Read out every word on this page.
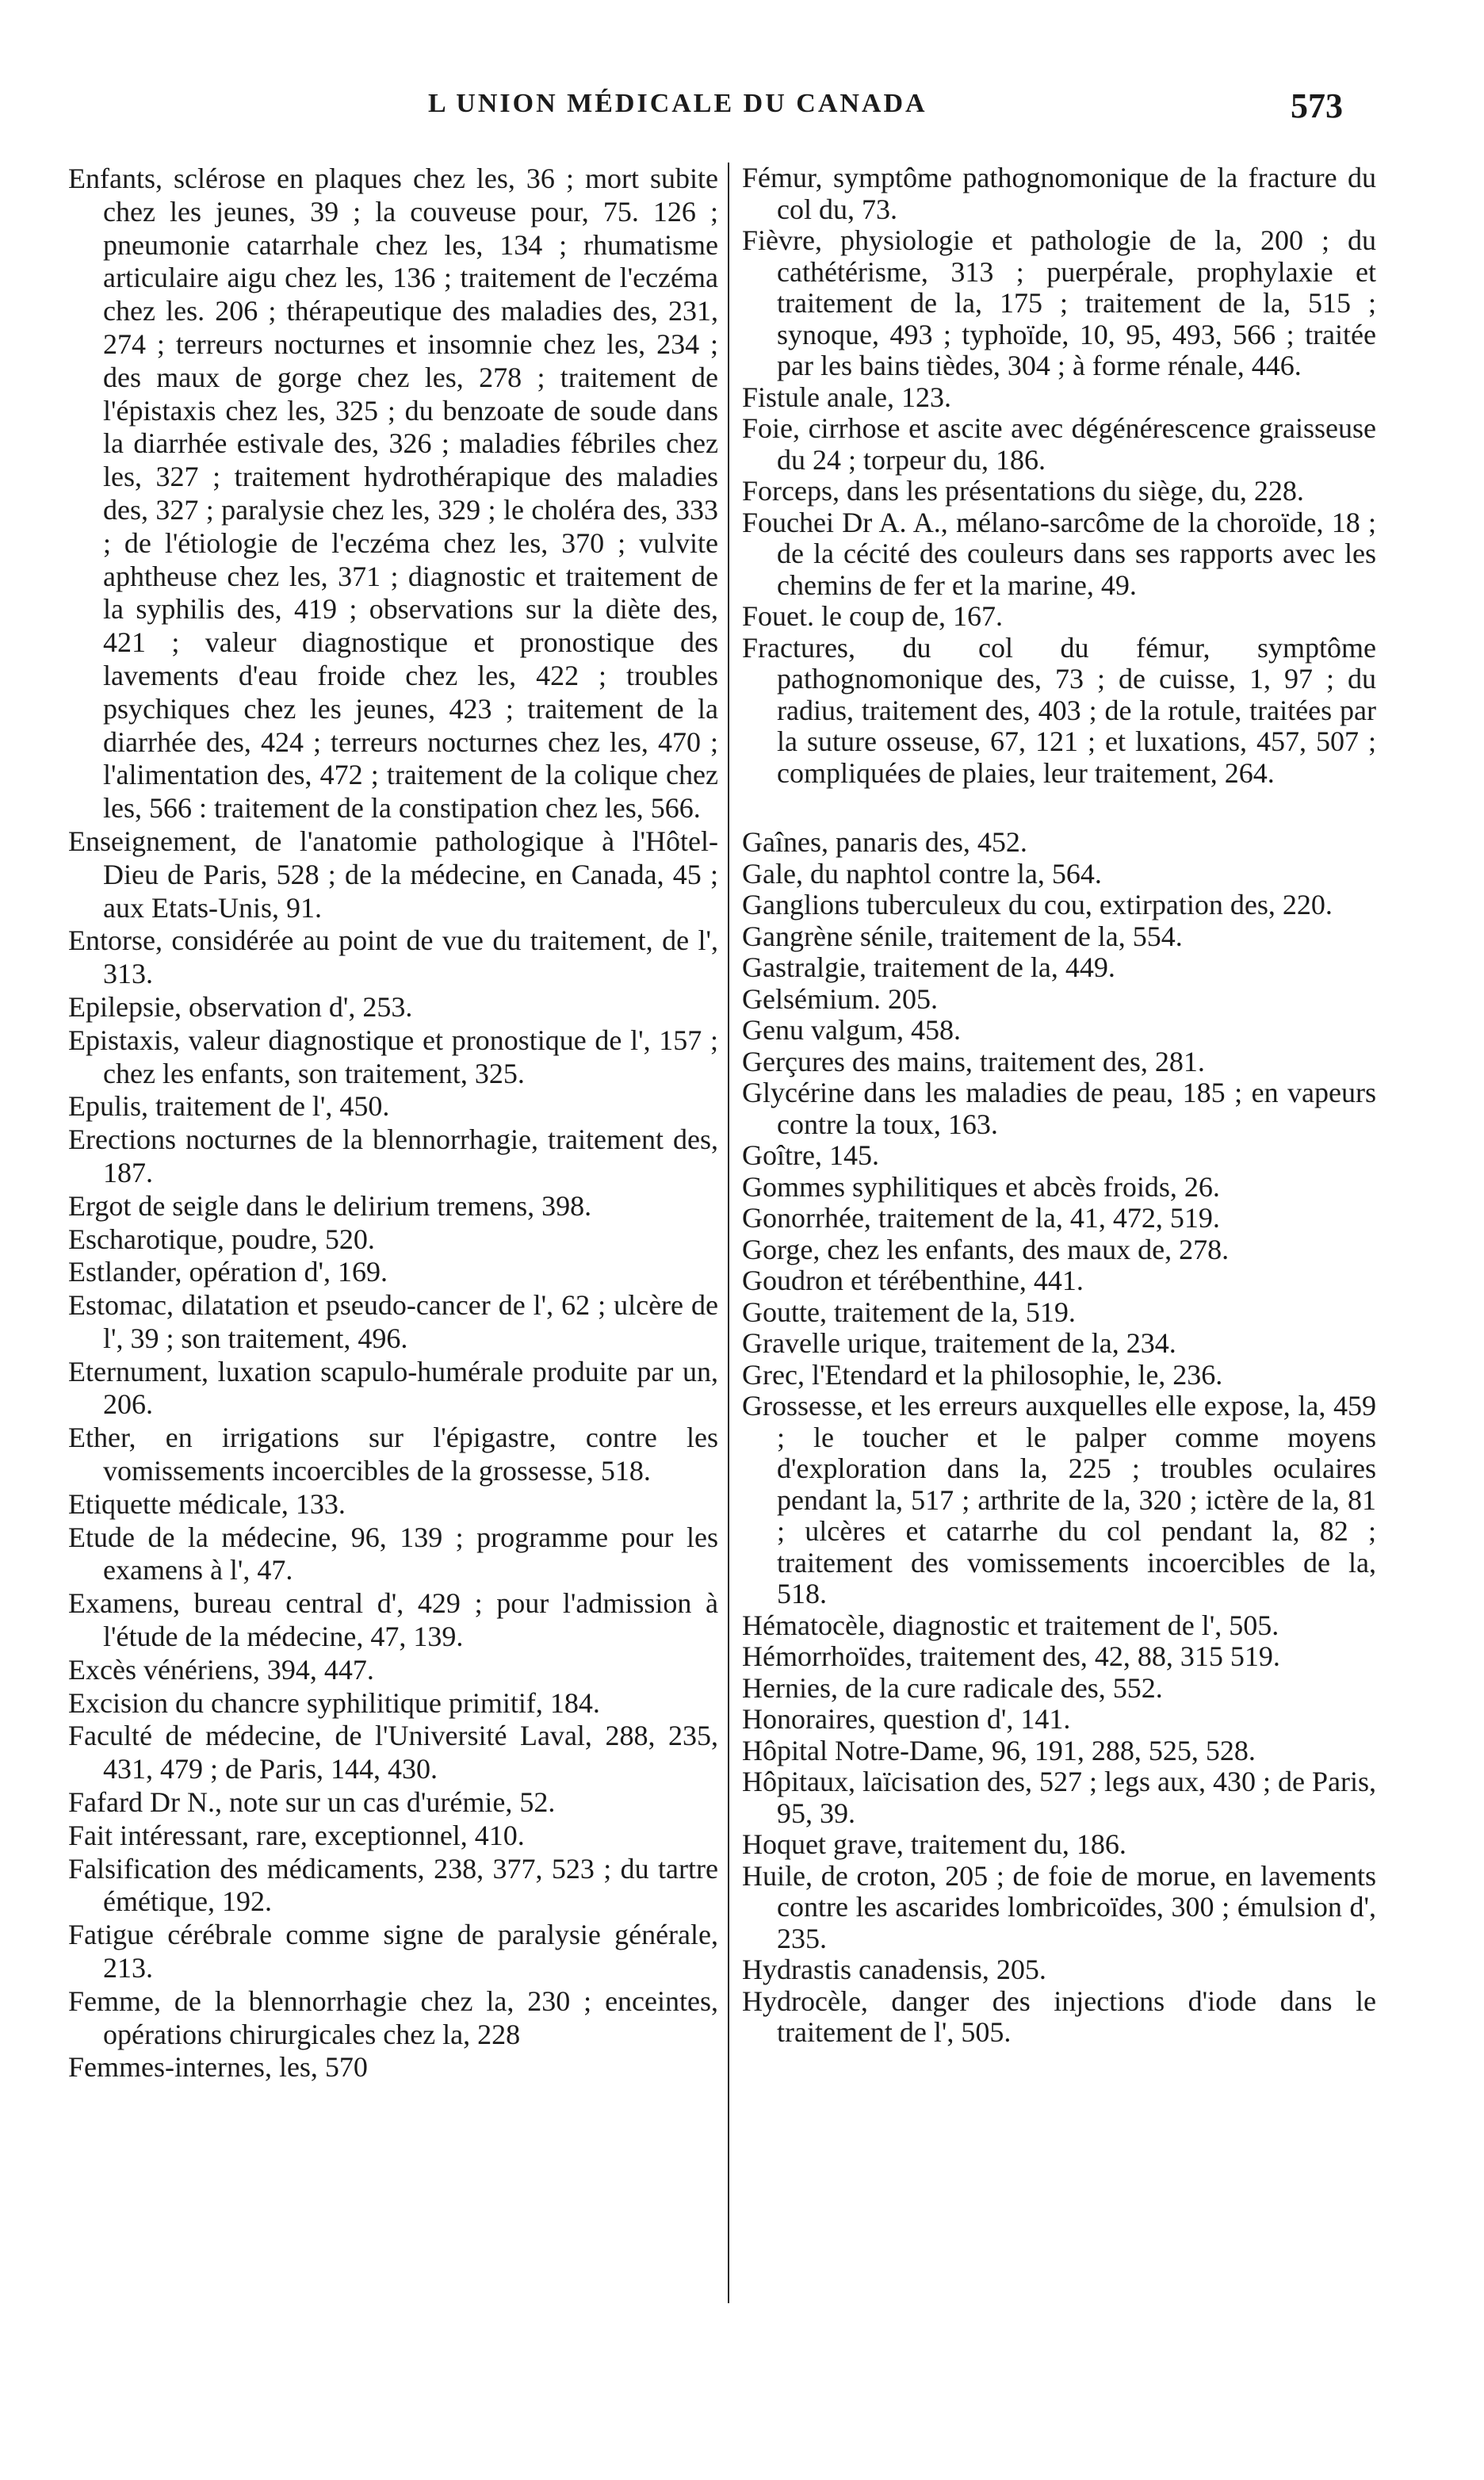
L UNION MÉDICALE DU CANADA	573

Enfants, sclérose en plaques chez les, 36 ; mort subite chez les jeunes, 39 ; la couveuse pour, 75. 126 ; pneumonie catarrhale chez les, 134 ; rhumatisme articulaire aigu chez les, 136 ; traitement de l'eczéma chez les. 206 ; thérapeutique des maladies des, 231, 274 ; terreurs nocturnes et insomnie chez les, 234 ; des maux de gorge chez les, 278 ; traitement de l'épistaxis chez les, 325 ; du benzoate de soude dans la diarrhée estivale des, 326 ; maladies fébriles chez les, 327 ; traitement hydrothérapique des maladies des, 327 ; paralysie chez les, 329 ; le choléra des, 333 ; de l'étiologie de l'eczéma chez les, 370 ; vulvite aphtheuse chez les, 371 ; diagnostic et traitement de la syphilis des, 419 ; observations sur la diète des, 421 ; valeur diagnostique et pronostique des lavements d'eau froide chez les, 422 ; troubles psychiques chez les jeunes, 423 ; traitement de la diarrhée des, 424 ; terreurs nocturnes chez les, 470 ; l'alimentation des, 472 ; traitement de la colique chez les, 566 : traitement de la constipation chez les, 566.

Enseignement, de l'anatomie pathologique à l'Hôtel-Dieu de Paris, 528 ; de la médecine, en Canada, 45 ; aux Etats-Unis, 91.

Entorse, considérée au point de vue du traitement, de l', 313.

Epilepsie, observation d', 253.

Epistaxis, valeur diagnostique et pronostique de l', 157 ; chez les enfants, son traitement, 325.

Epulis, traitement de l', 450.

Erections nocturnes de la blennorrhagie, traitement des, 187.

Ergot de seigle dans le delirium tremens, 398.

Escharotique, poudre, 520.

Estlander, opération d', 169.

Estomac, dilatation et pseudo-cancer de l', 62 ; ulcère de l', 39 ; son traitement, 496.

Eternument, luxation scapulo-humérale produite par un, 206.

Ether, en irrigations sur l'épigastre, contre les vomissements incoercibles de la grossesse, 518.

Etiquette médicale, 133.

Etude de la médecine, 96, 139 ; programme pour les examens à l', 47.

Examens, bureau central d', 429 ; pour l'admission à l'étude de la médecine, 47, 139.

Excès vénériens, 394, 447.

Excision du chancre syphilitique primitif, 184.

Faculté de médecine, de l'Université Laval, 288, 235, 431, 479 ; de Paris, 144, 430.

Fafard Dr N., note sur un cas d'urémie, 52.

Fait intéressant, rare, exceptionnel, 410.

Falsification des médicaments, 238, 377, 523 ; du tartre émétique, 192.

Fatigue cérébrale comme signe de paralysie générale, 213.

Femme, de la blennorrhagie chez la, 230 ; enceintes, opérations chirurgicales chez la, 228

Femmes-internes, les, 570

Fémur, symptôme pathognomonique de la fracture du col du, 73.

Fièvre, physiologie et pathologie de la, 200 ; du cathétérisme, 313 ; puerpérale, prophylaxie et traitement de la, 175 ; traitement de la, 515 ; synoque, 493 ; typhoïde, 10, 95, 493, 566 ; traitée par les bains tièdes, 304 ; à forme rénale, 446.

Fistule anale, 123.

Foie, cirrhose et ascite avec dégénérescence graisseuse du 24 ; torpeur du, 186.

Forceps, dans les présentations du siège, du, 228.

Fouchei Dr A. A., mélano-sarcôme de la choroïde, 18 ; de la cécité des couleurs dans ses rapports avec les chemins de fer et la marine, 49.

Fouet. le coup de, 167.

Fractures, du col du fémur, symptôme pathognomonique des, 73 ; de cuisse, 1, 97 ; du radius, traitement des, 403 ; de la rotule, traitées par la suture osseuse, 67, 121 ; et luxations, 457, 507 ; compliquées de plaies, leur traitement, 264.

Gaînes, panaris des, 452.

Gale, du naphtol contre la, 564.

Ganglions tuberculeux du cou, extirpation des, 220.

Gangrène sénile, traitement de la, 554.

Gastralgie, traitement de la, 449.

Gelsémium. 205.

Genu valgum, 458.

Gerçures des mains, traitement des, 281.

Glycérine dans les maladies de peau, 185 ; en vapeurs contre la toux, 163.

Goître, 145.

Gommes syphilitiques et abcès froids, 26.

Gonorrhée, traitement de la, 41, 472, 519.

Gorge, chez les enfants, des maux de, 278.

Goudron et térébenthine, 441.

Goutte, traitement de la, 519.

Gravelle urique, traitement de la, 234.

Grec, l'Etendard et la philosophie, le, 236.

Grossesse, et les erreurs auxquelles elle expose, la, 459 ; le toucher et le palper comme moyens d'exploration dans la, 225 ; troubles oculaires pendant la, 517 ; arthrite de la, 320 ; ictère de la, 81 ; ulcères et catarrhe du col pendant la, 82 ; traitement des vomissements incoercibles de la, 518.

Hématocèle, diagnostic et traitement de l', 505.

Hémorrhoïdes, traitement des, 42, 88, 315 519.

Hernies, de la cure radicale des, 552.

Honoraires, question d', 141.

Hôpital Notre-Dame, 96, 191, 288, 525, 528.

Hôpitaux, laïcisation des, 527 ; legs aux, 430 ; de Paris, 95, 39.

Hoquet grave, traitement du, 186.

Huile, de croton, 205 ; de foie de morue, en lavements contre les ascarides lombricoïdes, 300 ; émulsion d', 235.

Hydrastis canadensis, 205.

Hydrocèle, danger des injections d'iode dans le traitement de l', 505.
